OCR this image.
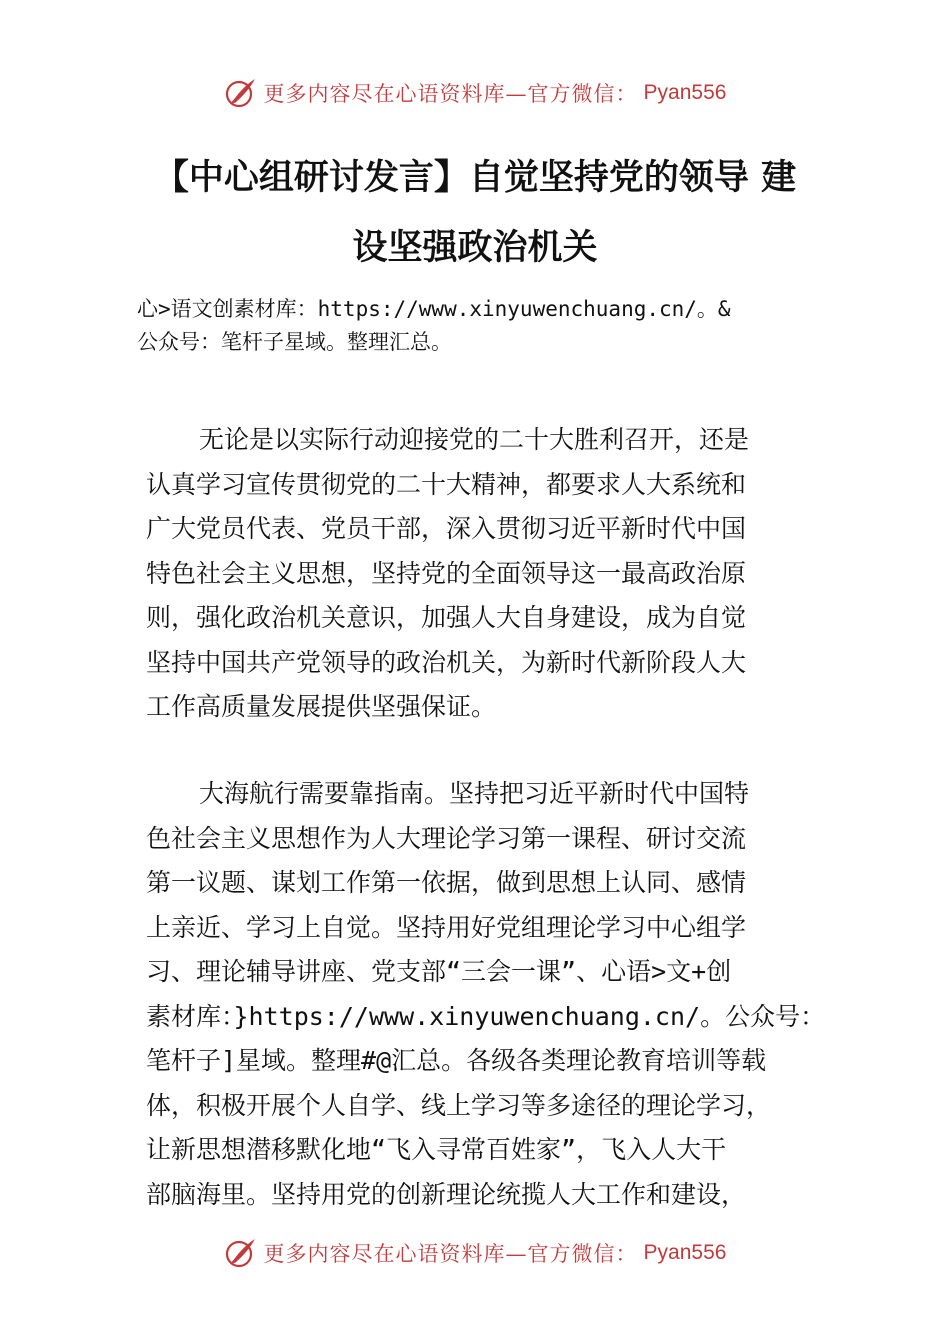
更多内容尽在心语资料库—官方微信： Pyan556
【中心组研讨发言】自觉坚持党的领导 建
设坚强政治机关
心>语文创素材库：https://www.xinyuwenchuang.cn/。&
公众号：笔杆子星域。整理汇总。
无论是以实际行动迎接党的二十大胜利召开，还是
认真学习宣传贯彻党的二十大精神，都要求人大系统和
广大党员代表、党员干部，深入贯彻习近平新时代中国
特色社会主义思想，坚持党的全面领导这一最高政治原
则，强化政治机关意识，加强人大自身建设，成为自觉
坚持中国共产党领导的政治机关，为新时代新阶段人大
工作高质量发展提供坚强保证。
大海航行需要靠指南。坚持把习近平新时代中国特
色社会主义思想作为人大理论学习第一课程、研讨交流
第一议题、谋划工作第一依据，做到思想上认同、感情
上亲近、学习上自觉。坚持用好党组理论学习中心组学
习、理论辅导讲座、党支部“三会一课”、心语>文+创
素材库：}https://www.xinyuwenchuang.cn/。公众号：
笔杆子]星域。整理#@汇总。各级各类理论教育培训等载
体，积极开展个人自学、线上学习等多途径的理论学习，
让新思想潜移默化地“飞入寻常百姓家”，飞入人大干
部脑海里。坚持用党的创新理论统揽人大工作和建设，
更多内容尽在心语资料库—官方微信： Pyan556
